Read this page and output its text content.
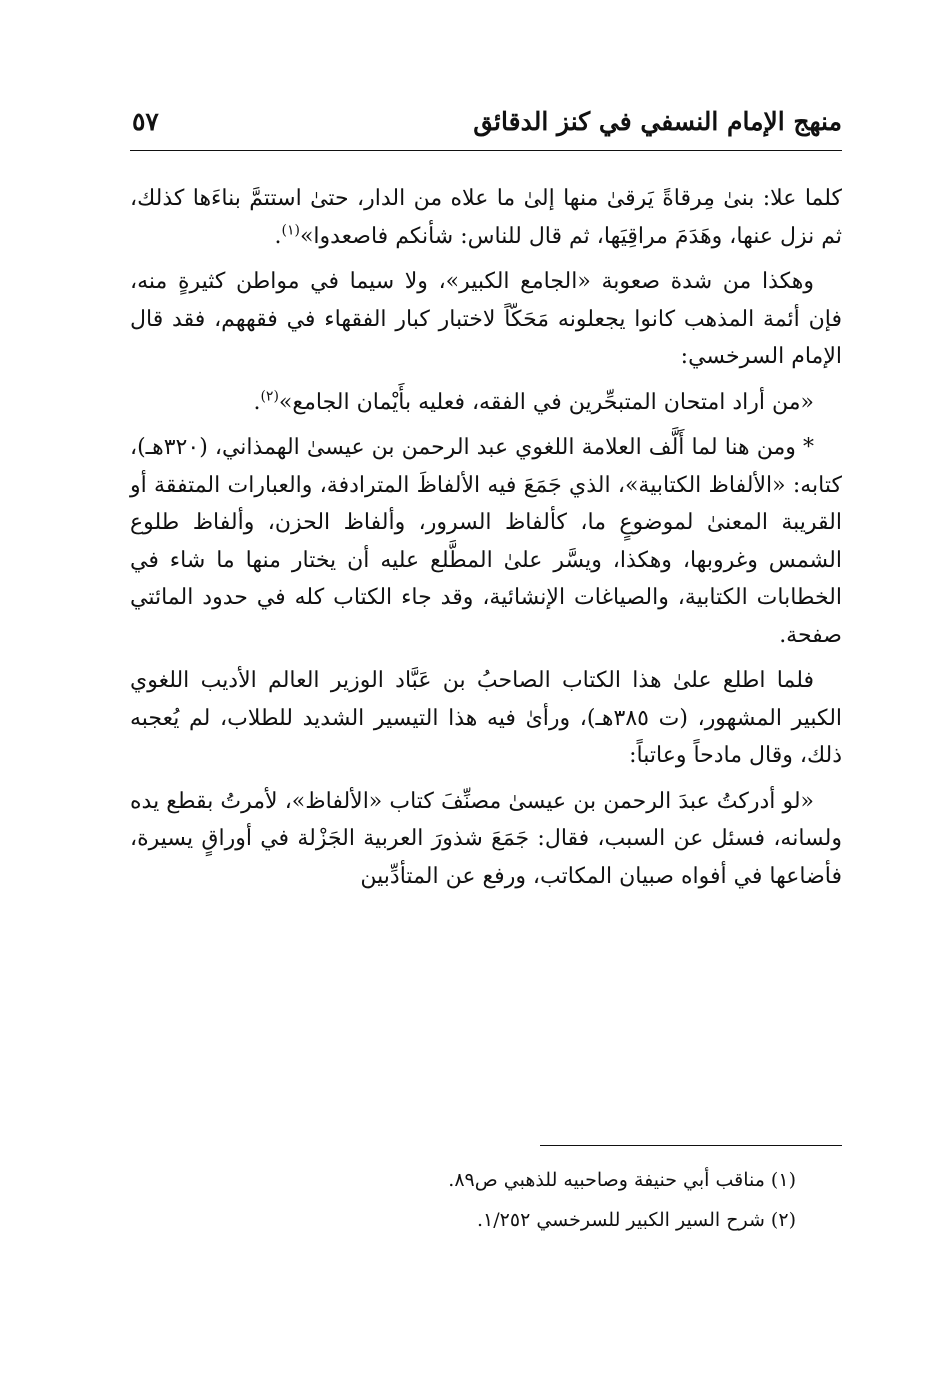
منهج الإمام النسفي في كنز الدقائق
٥٧

كلما علا: بنىٰ مِرقاةً يَرقىٰ منها إلىٰ ما علاه من الدار، حتىٰ استتمَّ بناءَها كذلك، ثم نزل عنها، وهَدَمَ مراقِيَها، ثم قال للناس: شأنكم فاصعدوا»$^{(١)}$.

وهكذا من شدة صعوبة «الجامع الكبير»، ولا سيما في مواطن كثيرةٍ منه، فإن أئمة المذهب كانوا يجعلونه مَحَكّاً لاختبار كبار الفقهاء في فقههم، فقد قال الإمام السرخسي:

«من أراد امتحان المتبحِّرين في الفقه، فعليه بأَيْمان الجامع»$^{(٢)}$.

* ومن هنا لما أَلَّف العلامة اللغوي عبد الرحمن بن عيسىٰ الهمذاني، (٣٢٠هـ)، كتابه: «الألفاظ الكتابية»، الذي جَمَعَ فيه الألفاظَ المترادفة، والعبارات المتفقة أو القريبة المعنىٰ لموضوعٍ ما، كألفاظ السرور، وألفاظ الحزن، وألفاظ طلوع الشمس وغروبها، وهكذا، ويسَّر علىٰ المطَّلع عليه أن يختار منها ما شاء في الخطابات الكتابية، والصياغات الإنشائية، وقد جاء الكتاب كله في حدود المائتي صفحة.

فلما اطلع علىٰ هذا الكتاب الصاحبُ بن عَبَّاد الوزير العالم الأديب اللغوي الكبير المشهور، (ت ٣٨٥هـ)، ورأىٰ فيه هذا التيسير الشديد للطلاب، لم يُعجبه ذلك، وقال مادحاً وعاتباً:

«لو أدركتُ عبدَ الرحمن بن عيسىٰ مصنِّفَ كتاب «الألفاظ»، لأمرتُ بقطع يده ولسانه، فسئل عن السبب، فقال: جَمَعَ شذورَ العربية الجَزْلة في أوراقٍ يسيرة، فأضاعها في أفواه صبيان المكاتب، ورفع عن المتأدِّبين

(١) مناقب أبي حنيفة وصاحبيه للذهبي ص٨٩.
(٢) شرح السير الكبير للسرخسي ١/٢٥٢.
